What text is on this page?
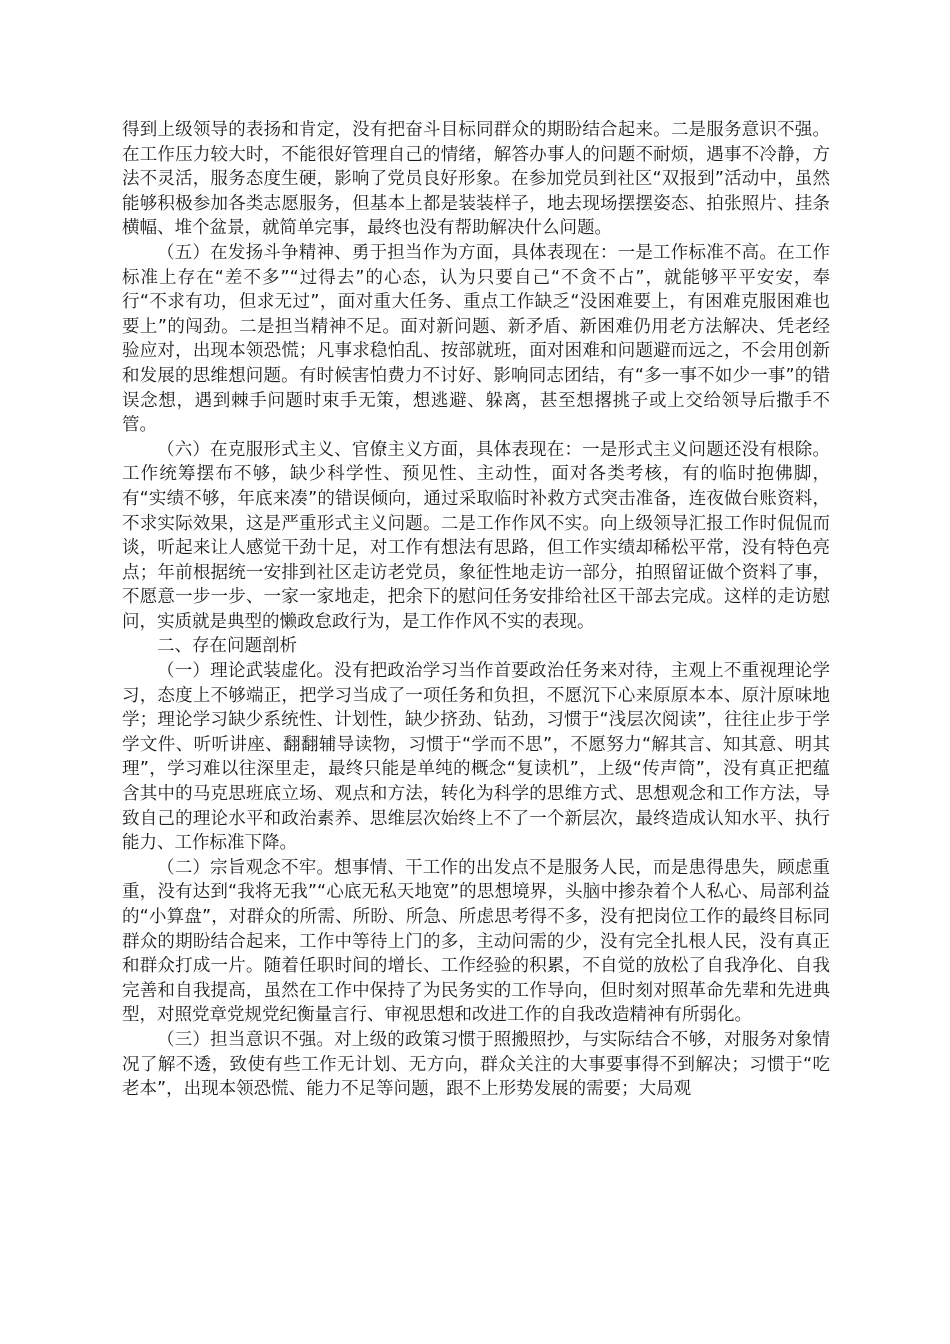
得到上级领导的表扬和肯定，没有把奋斗目标同群众的期盼结合起来。二是服务意识不强。在工作压力较大时，不能很好管理自己的情绪，解答办事人的问题不耐烦，遇事不冷静，方法不灵活，服务态度生硬，影响了党员良好形象。在参加党员到社区“双报到”活动中，虽然能够积极参加各类志愿服务，但基本上都是装装样子，地去现场摆摆姿态、拍张照片、挂条横幅、堆个盆景，就简单完事，最终也没有帮助解决什么问题。

（五）在发扬斗争精神、勇于担当作为方面，具体表现在：一是工作标准不高。在工作标准上存在“差不多”“过得去”的心态，认为只要自己“不贪不占”，就能够平平安安，奉行“不求有功，但求无过”，面对重大任务、重点工作缺乏“没困难要上，有困难克服困难也要上”的闯劲。二是担当精神不足。面对新问题、新矛盾、新困难仍用老方法解决、凭老经验应对，出现本领恐慌；凡事求稳怕乱、按部就班，面对困难和问题避而远之，不会用创新和发展的思维想问题。有时候害怕费力不讨好、影响同志团结，有“多一事不如少一事”的错误念想，遇到棘手问题时束手无策，想逃避、躲离，甚至想撂挑子或上交给领导后撒手不管。

（六）在克服形式主义、官僚主义方面，具体表现在：一是形式主义问题还没有根除。工作统筹摆布不够，缺少科学性、预见性、主动性，面对各类考核，有的临时抱佛脚，有“实绩不够，年底来凑”的错误倾向，通过采取临时补救方式突击准备，连夜做台账资料，不求实际效果，这是严重形式主义问题。二是工作作风不实。向上级领导汇报工作时侃侃而谈，听起来让人感觉干劲十足，对工作有想法有思路，但工作实绩却稀松平常，没有特色亮点；年前根据统一安排到社区走访老党员，象征性地走访一部分，拍照留证做个资料了事，不愿意一步一步、一家一家地走，把余下的慰问任务安排给社区干部去完成。这样的走访慰问，实质就是典型的懒政怠政行为，是工作作风不实的表现。

二、存在问题剖析

（一）理论武装虚化。没有把政治学习当作首要政治任务来对待，主观上不重视理论学习，态度上不够端正，把学习当成了一项任务和负担，不愿沉下心来原原本本、原汁原味地学；理论学习缺少系统性、计划性，缺少挤劲、钻劲，习惯于“浅层次阅读”，往往止步于学学文件、听听讲座、翻翻辅导读物，习惯于“学而不思”，不愿努力“解其言、知其意、明其理”，学习难以往深里走，最终只能是单纯的概念“复读机”，上级“传声筒”，没有真正把蕴含其中的马克思班底立场、观点和方法，转化为科学的思维方式、思想观念和工作方法，导致自己的理论水平和政治素养、思维层次始终上不了一个新层次，最终造成认知水平、执行能力、工作标准下降。

（二）宗旨观念不牢。想事情、干工作的出发点不是服务人民，而是患得患失，顾虑重重，没有达到“我将无我”“心底无私天地宽”的思想境界，头脑中掺杂着个人私心、局部利益的“小算盘”，对群众的所需、所盼、所急、所虑思考得不多，没有把岗位工作的最终目标同群众的期盼结合起来，工作中等待上门的多，主动问需的少，没有完全扎根人民，没有真正和群众打成一片。随着任职时间的增长、工作经验的积累，不自觉的放松了自我净化、自我完善和自我提高，虽然在工作中保持了为民务实的工作导向，但时刻对照革命先辈和先进典型，对照党章党规党纪衡量言行、审视思想和改进工作的自我改造精神有所弱化。

（三）担当意识不强。对上级的政策习惯于照搬照抄，与实际结合不够，对服务对象情况了解不透，致使有些工作无计划、无方向，群众关注的大事要事得不到解决；习惯于“吃老本”，出现本领恐慌、能力不足等问题，跟不上形势发展的需要；大局观
